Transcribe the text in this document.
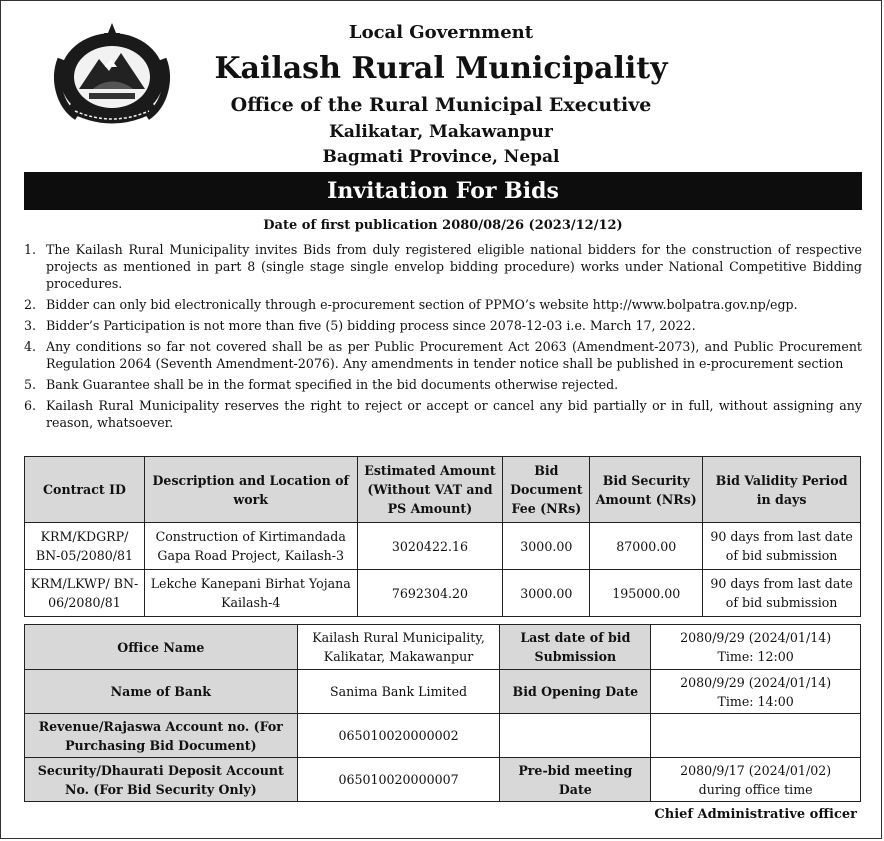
Local Government
Kailash Rural Municipality
Office of the Rural Municipal Executive
Kalikatar, Makawanpur
Bagmati Province, Nepal
Invitation For Bids
Date of first publication 2080/08/26 (2023/12/12)
1. The Kailash Rural Municipality invites Bids from duly registered eligible national bidders for the construction of respective projects as mentioned in part 8 (single stage single envelop bidding procedure) works under National Competitive Bidding procedures.
2. Bidder can only bid electronically through e-procurement section of PPMO’s website http://www.bolpatra.gov.np/egp.
3. Bidder’s Participation is not more than five (5) bidding process since 2078-12-03 i.e. March 17, 2022.
4. Any conditions so far not covered shall be as per Public Procurement Act 2063 (Amendment-2073), and Public Procurement Regulation 2064 (Seventh Amendment-2076). Any amendments in tender notice shall be published in e-procurement section
5. Bank Guarantee shall be in the format specified in the bid documents otherwise rejected.
6. Kailash Rural Municipality reserves the right to reject or accept or cancel any bid partially or in full, without assigning any reason, whatsoever.
Contract ID	Description and Location of work	Estimated Amount (Without VAT and PS Amount)	Bid Document Fee (NRs)	Bid Security Amount (NRs)	Bid Validity Period in days
KRM/KDGRP/ BN-05/2080/81	Construction of Kirtimandada Gapa Road Project, Kailash-3	3020422.16	3000.00	87000.00	90 days from last date of bid submission
KRM/LKWP/ BN-06/2080/81	Lekche Kanepani Birhat Yojana Kailash-4	7692304.20	3000.00	195000.00	90 days from last date of bid submission
Office Name	Kailash Rural Municipality, Kalikatar, Makawanpur	Last date of bid Submission	2080/9/29 (2024/01/14)
Time: 12:00

Name of Bank	Sanima Bank Limited	Bid Opening Date	2080/9/29 (2024/01/14)
Time: 14:00

Revenue/Rajaswa Account no. (For Purchasing Bid Document)	065010020000002		
Security/Dhaurati Deposit Account No. (For Bid Security Only)	065010020000007	Pre-bid meeting Date	2080/9/17 (2024/01/02)
during office time
Chief Administrative officer
